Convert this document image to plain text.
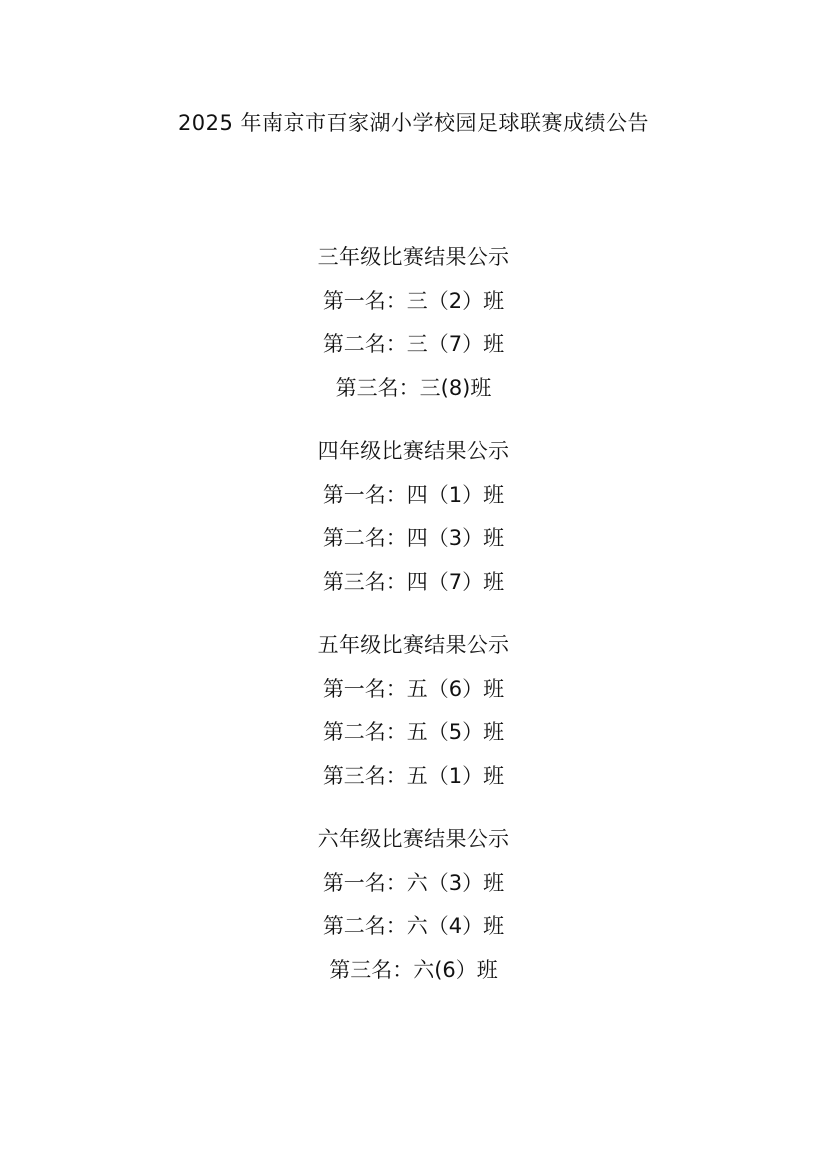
2025 年南京市百家湖小学校园足球联赛成绩公告
三年级比赛结果公示
第一名：三（2）班
第二名：三（7）班
第三名：三(8)班
四年级比赛结果公示
第一名：四（1）班
第二名：四（3）班
第三名：四（7）班
五年级比赛结果公示
第一名：五（6）班
第二名：五（5）班
第三名：五（1）班
六年级比赛结果公示
第一名：六（3）班
第二名：六（4）班
第三名：六(6）班
